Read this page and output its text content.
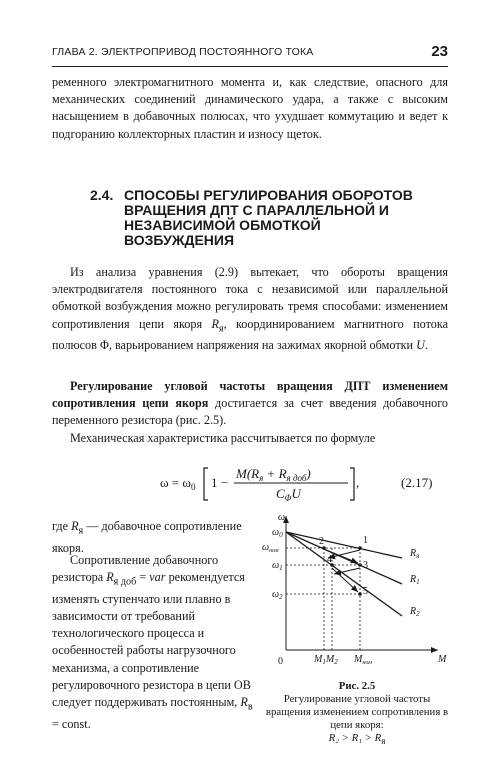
ГЛАВА 2. ЭЛЕКТРОПРИВОД ПОСТОЯННОГО ТОКА	23
ременного электромагнитного момента и, как следствие, опасного для механических соединений динамического удара, а также с высоким насыщением в добавочных полюсах, что ухудшает коммутацию и ведет к подгоранию коллекторных пластин и износу щеток.
2.4. СПОСОБЫ РЕГУЛИРОВАНИЯ ОБОРОТОВ ВРАЩЕНИЯ ДПТ С ПАРАЛЛЕЛЬНОЙ И НЕЗАВИСИМОЙ ОБМОТКОЙ ВОЗБУЖДЕНИЯ
Из анализа уравнения (2.9) вытекает, что обороты вращения электродвигателя постоянного тока с независимой или параллельной обмоткой возбуждения можно регулировать тремя способами: изменением сопротивления цепи якоря $R_я$, координированием магнитного потока полюсов Φ, варьированием напряжения на зажимах якорной обмотки U.
Регулирование угловой частоты вращения ДПТ изменением сопротивления цепи якоря достигается за счет введения добавочного переменного резистора (рис. 2.5).
Механическая характеристика рассчитывается по формуле
$\omega = \omega_0$ 1 −
$M(R_я + R_{я доб})$
$C_\Phi U$
,	(2.17)
где $R_я$ — добавочное сопротивление якоря.
Сопротивление добавочного резистора $R_{я доб}$ = var рекомендуется изменять ступенчато или плавно в зависимости от требований технологического процесса и особенностей работы нагрузочного механизма, а сопротивление регулировочного резистора в цепи ОВ следует поддерживать постоянным, $R_в$ = const.
ω
M
0
$\omega_0$
$\omega_{ном}$
$\omega_1$
$\omega_2$
$M_1M_2$ $M_{ном}$
$R_я$
$R_1$
$R_2$
1
2
3
4
5
Рис. 2.5
Регулирование угловой частоты вращения изменением сопротивления в цепи якоря:
$R_2 > R_1 > R_я$
